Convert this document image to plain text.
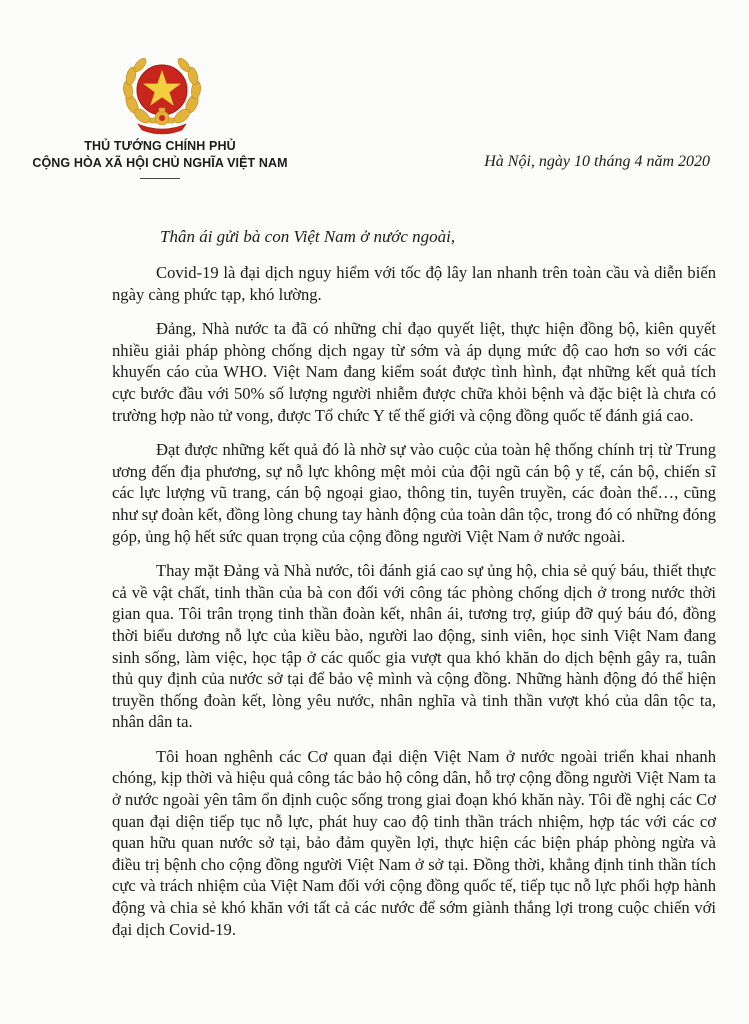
THỦ TƯỚNG CHÍNH PHỦ
CỘNG HÒA XÃ HỘI CHỦ NGHĨA VIỆT NAM	Hà Nội, ngày 10 tháng 4 năm 2020
Thân ái gửi bà con Việt Nam ở nước ngoài,

Covid-19 là đại dịch nguy hiểm với tốc độ lây lan nhanh trên toàn cầu và diễn biến ngày càng phức tạp, khó lường.

Đảng, Nhà nước ta đã có những chỉ đạo quyết liệt, thực hiện đồng bộ, kiên quyết nhiều giải pháp phòng chống dịch ngay từ sớm và áp dụng mức độ cao hơn so với các khuyến cáo của WHO. Việt Nam đang kiểm soát được tình hình, đạt những kết quả tích cực bước đầu với 50% số lượng người nhiễm được chữa khỏi bệnh và đặc biệt là chưa có trường hợp nào tử vong, được Tổ chức Y tế thế giới và cộng đồng quốc tế đánh giá cao.

Đạt được những kết quả đó là nhờ sự vào cuộc của toàn hệ thống chính trị từ Trung ương đến địa phương, sự nỗ lực không mệt mỏi của đội ngũ cán bộ y tế, cán bộ, chiến sĩ các lực lượng vũ trang, cán bộ ngoại giao, thông tin, tuyên truyền, các đoàn thể…, cũng như sự đoàn kết, đồng lòng chung tay hành động của toàn dân tộc, trong đó có những đóng góp, ủng hộ hết sức quan trọng của cộng đồng người Việt Nam ở nước ngoài.

Thay mặt Đảng và Nhà nước, tôi đánh giá cao sự ủng hộ, chia sẻ quý báu, thiết thực cả về vật chất, tinh thần của bà con đối với công tác phòng chống dịch ở trong nước thời gian qua. Tôi trân trọng tinh thần đoàn kết, nhân ái, tương trợ, giúp đỡ quý báu đó, đồng thời biểu dương nỗ lực của kiều bào, người lao động, sinh viên, học sinh Việt Nam đang sinh sống, làm việc, học tập ở các quốc gia vượt qua khó khăn do dịch bệnh gây ra, tuân thủ quy định của nước sở tại để bảo vệ mình và cộng đồng. Những hành động đó thể hiện truyền thống đoàn kết, lòng yêu nước, nhân nghĩa và tinh thần vượt khó của dân tộc ta, nhân dân ta.

Tôi hoan nghênh các Cơ quan đại diện Việt Nam ở nước ngoài triển khai nhanh chóng, kịp thời và hiệu quả công tác bảo hộ công dân, hỗ trợ cộng đồng người Việt Nam ta ở nước ngoài yên tâm ổn định cuộc sống trong giai đoạn khó khăn này. Tôi đề nghị các Cơ quan đại diện tiếp tục nỗ lực, phát huy cao độ tinh thần trách nhiệm, hợp tác với các cơ quan hữu quan nước sở tại, bảo đảm quyền lợi, thực hiện các biện pháp phòng ngừa và điều trị bệnh cho cộng đồng người Việt Nam ở sở tại. Đồng thời, khẳng định tinh thần tích cực và trách nhiệm của Việt Nam đối với cộng đồng quốc tế, tiếp tục nỗ lực phối hợp hành động và chia sẻ khó khăn với tất cả các nước để sớm giành thắng lợi trong cuộc chiến với đại dịch Covid-19.
